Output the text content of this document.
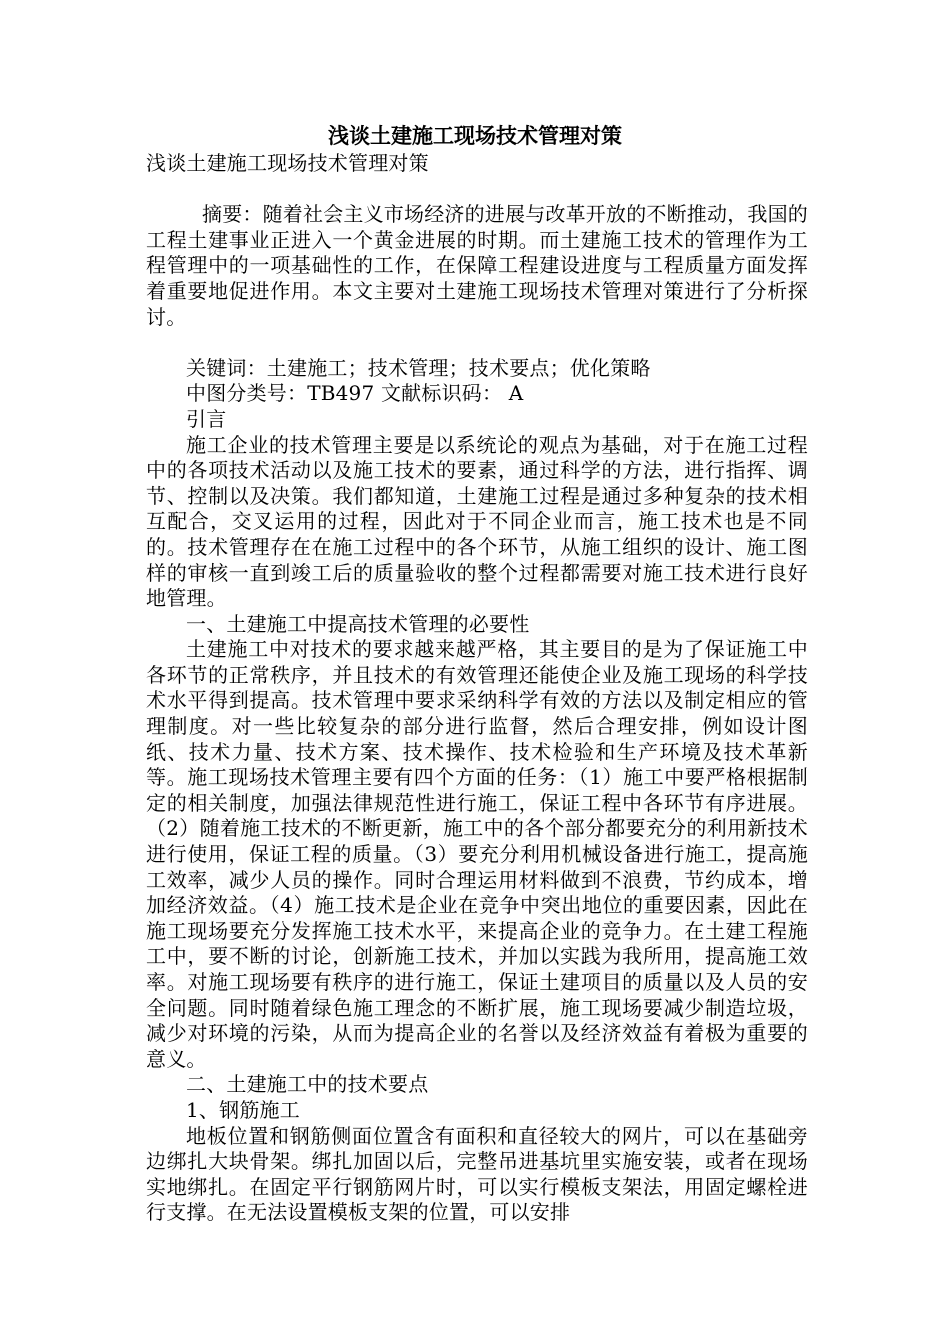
浅谈土建施工现场技术管理对策

浅谈土建施工现场技术管理对策

摘要：随着社会主义市场经济的进展与改革开放的不断推动，我国的工程土建事业正进入一个黄金进展的时期。而土建施工技术的管理作为工程管理中的一项基础性的工作，在保障工程建设进度与工程质量方面发挥着重要地促进作用。本文主要对土建施工现场技术管理对策进行了分析探讨。

关键词：土建施工；技术管理；技术要点；优化策略

中图分类号：TB497 文献标识码： A

引言

施工企业的技术管理主要是以系统论的观点为基础，对于在施工过程中的各项技术活动以及施工技术的要素，通过科学的方法，进行指挥、调节、控制以及决策。我们都知道，土建施工过程是通过多种复杂的技术相互配合，交叉运用的过程，因此对于不同企业而言，施工技术也是不同的。技术管理存在在施工过程中的各个环节，从施工组织的设计、施工图样的审核一直到竣工后的质量验收的整个过程都需要对施工技术进行良好地管理。

一、土建施工中提高技术管理的必要性

土建施工中对技术的要求越来越严格，其主要目的是为了保证施工中各环节的正常秩序，并且技术的有效管理还能使企业及施工现场的科学技术水平得到提高。技术管理中要求采纳科学有效的方法以及制定相应的管理制度。对一些比较复杂的部分进行监督，然后合理安排，例如设计图纸、技术力量、技术方案、技术操作、技术检验和生产环境及技术革新等。施工现场技术管理主要有四个方面的任务：（1）施工中要严格根据制定的相关制度，加强法律规范性进行施工，保证工程中各环节有序进展。（2）随着施工技术的不断更新，施工中的各个部分都要充分的利用新技术进行使用，保证工程的质量。（3）要充分利用机械设备进行施工，提高施工效率，减少人员的操作。同时合理运用材料做到不浪费，节约成本，增加经济效益。（4）施工技术是企业在竞争中突出地位的重要因素，因此在施工现场要充分发挥施工技术水平，来提高企业的竞争力。在土建工程施工中，要不断的讨论，创新施工技术，并加以实践为我所用，提高施工效率。对施工现场要有秩序的进行施工，保证土建项目的质量以及人员的安全问题。同时随着绿色施工理念的不断扩展，施工现场要减少制造垃圾，减少对环境的污染，从而为提高企业的名誉以及经济效益有着极为重要的意义。

二、土建施工中的技术要点

1、钢筋施工

地板位置和钢筋侧面位置含有面积和直径较大的网片，可以在基础旁边绑扎大块骨架。绑扎加固以后，完整吊进基坑里实施安装，或者在现场实地绑扎。在固定平行钢筋网片时，可以实行模板支架法，用固定螺栓进行支撑。在无法设置模板支架的位置，可以安排
